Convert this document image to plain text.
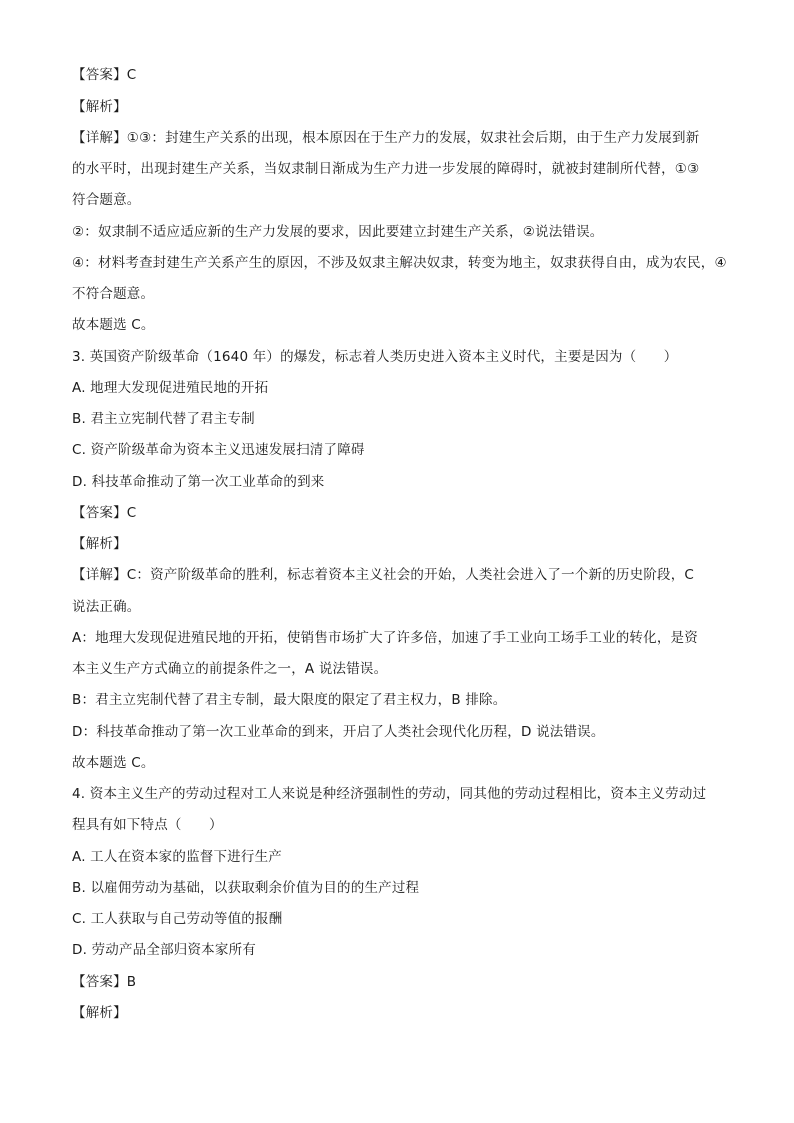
【答案】C
【解析】
【详解】①③：封建生产关系的出现，根本原因在于生产力的发展，奴隶社会后期，由于生产力发展到新
的水平时，出现封建生产关系，当奴隶制日渐成为生产力进一步发展的障碍时，就被封建制所代替，①③
符合题意。
②：奴隶制不适应适应新的生产力发展的要求，因此要建立封建生产关系，②说法错误。
④：材料考查封建生产关系产生的原因，不涉及奴隶主解决奴隶，转变为地主，奴隶获得自由，成为农民，④
不符合题意。
故本题选 C。
3. 英国资产阶级革命（1640 年）的爆发，标志着人类历史进入资本主义时代，主要是因为（　　）
A. 地理大发现促进殖民地的开拓
B. 君主立宪制代替了君主专制
C. 资产阶级革命为资本主义迅速发展扫清了障碍
D. 科技革命推动了第一次工业革命的到来
【答案】C
【解析】
【详解】C：资产阶级革命的胜利，标志着资本主义社会的开始，人类社会进入了一个新的历史阶段，C
说法正确。
A：地理大发现促进殖民地的开拓，使销售市场扩大了许多倍，加速了手工业向工场手工业的转化，是资
本主义生产方式确立的前提条件之一，A 说法错误。
B：君主立宪制代替了君主专制，最大限度的限定了君主权力，B 排除。
D：科技革命推动了第一次工业革命的到来，开启了人类社会现代化历程，D 说法错误。
故本题选 C。
4. 资本主义生产的劳动过程对工人来说是种经济强制性的劳动，同其他的劳动过程相比，资本主义劳动过
程具有如下特点（　　）
A. 工人在资本家的监督下进行生产
B. 以雇佣劳动为基础，以获取剩余价值为目的的生产过程
C. 工人获取与自己劳动等值的报酬
D. 劳动产品全部归资本家所有
【答案】B
【解析】
